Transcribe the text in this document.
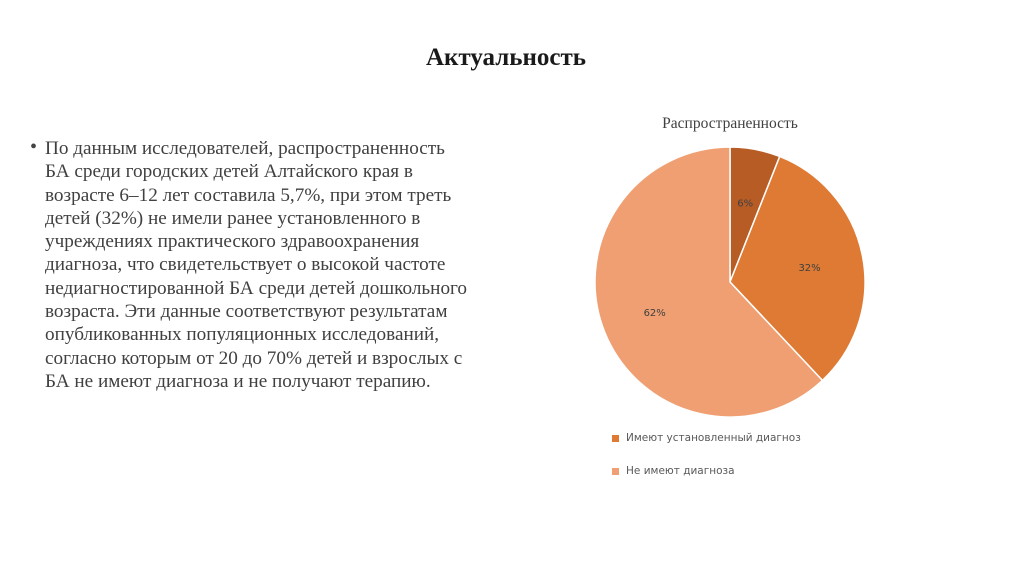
Актуальность
• По данным исследователей, распространенность БА среди городских детей Алтайского края в возрасте 6–12 лет составила 5,7%, при этом треть детей (32%) не имели ранее установленного в учреждениях практического здравоохранения диагноза, что свидетельствует о высокой частоте недиагностированной БА среди детей дошкольного возраста. Эти данные соответствуют результатам опубликованных популяционных исследований, согласно которым от 20 до 70% детей и взрослых с БА не имеют диагноза и не получают терапию.

Распространенность
6%
32%
62%
Имеют установленный диагноз
Не имеют диагноза
